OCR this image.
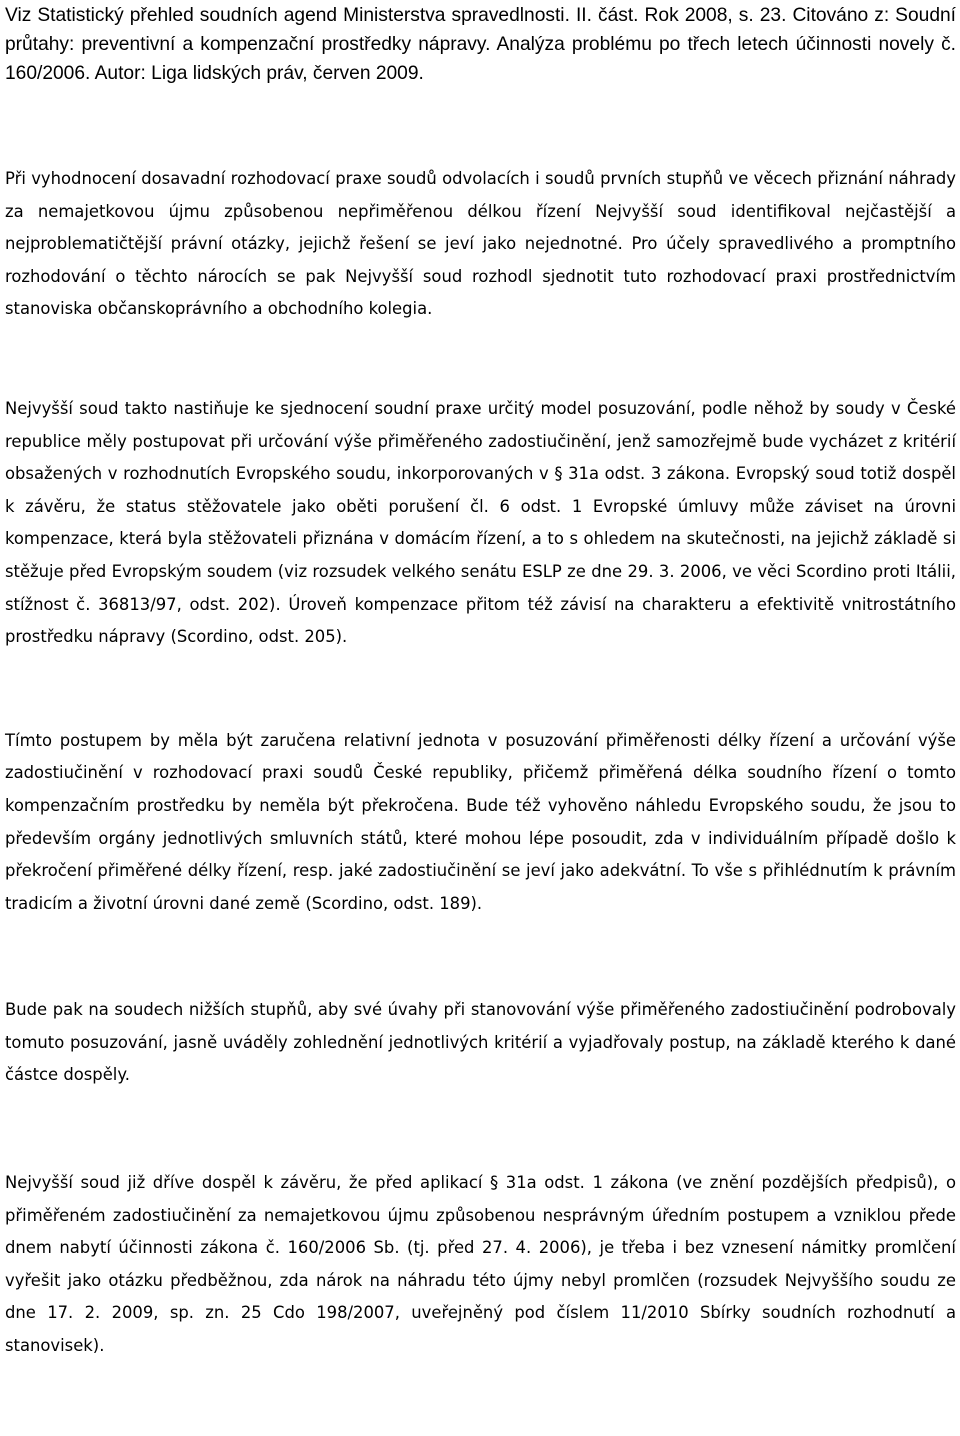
Viz Statistický přehled soudních agend Ministerstva spravedlnosti. II. část. Rok 2008, s. 23. Citováno z: Soudní průtahy: preventivní a kompenzační prostředky nápravy. Analýza problému po třech letech účinnosti novely č. 160/2006. Autor: Liga lidských práv, červen 2009.

Při vyhodnocení dosavadní rozhodovací praxe soudů odvolacích i soudů prvních stupňů ve věcech přiznání náhrady za nemajetkovou újmu způsobenou nepřiměřenou délkou řízení Nejvyšší soud identifikoval nejčastější a nejproblematičtější právní otázky, jejichž řešení se jeví jako nejednotné. Pro účely spravedlivého a promptního rozhodování o těchto nárocích se pak Nejvyšší soud rozhodl sjednotit tuto rozhodovací praxi prostřednictvím stanoviska občanskoprávního a obchodního kolegia.

Nejvyšší soud takto nastiňuje ke sjednocení soudní praxe určitý model posuzování, podle něhož by soudy v České republice měly postupovat při určování výše přiměřeného zadostiučinění, jenž samozřejmě bude vycházet z kritérií obsažených v rozhodnutích Evropského soudu, inkorporovaných v § 31a odst. 3 zákona. Evropský soud totiž dospěl k závěru, že status stěžovatele jako oběti porušení čl. 6 odst. 1 Evropské úmluvy může záviset na úrovni kompenzace, která byla stěžovateli přiznána v domácím řízení, a to s ohledem na skutečnosti, na jejichž základě si stěžuje před Evropským soudem (viz rozsudek velkého senátu ESLP ze dne 29. 3. 2006, ve věci Scordino proti Itálii, stížnost č. 36813/97, odst. 202). Úroveň kompenzace přitom též závisí na charakteru a efektivitě vnitrostátního prostředku nápravy (Scordino, odst. 205).

Tímto postupem by měla být zaručena relativní jednota v posuzování přiměřenosti délky řízení a určování výše zadostiučinění v rozhodovací praxi soudů České republiky, přičemž přiměřená délka soudního řízení o tomto kompenzačním prostředku by neměla být překročena. Bude též vyhověno náhledu Evropského soudu, že jsou to především orgány jednotlivých smluvních států, které mohou lépe posoudit, zda v individuálním případě došlo k překročení přiměřené délky řízení, resp. jaké zadostiučinění se jeví jako adekvátní. To vše s přihlédnutím k právním tradicím a životní úrovni dané země (Scordino, odst. 189).

Bude pak na soudech nižších stupňů, aby své úvahy při stanovování výše přiměřeného zadostiučinění podrobovaly tomuto posuzování, jasně uváděly zohlednění jednotlivých kritérií a vyjadřovaly postup, na základě kterého k dané částce dospěly.

Nejvyšší soud již dříve dospěl k závěru, že před aplikací § 31a odst. 1 zákona (ve znění pozdějších předpisů), o přiměřeném zadostiučinění za nemajetkovou újmu způsobenou nesprávným úředním postupem a vzniklou přede dnem nabytí účinnosti zákona č. 160/2006 Sb. (tj. před 27. 4. 2006), je třeba i bez vznesení námitky promlčení vyřešit jako otázku předběžnou, zda nárok na náhradu této újmy nebyl promlčen (rozsudek Nejvyššího soudu ze dne 17. 2. 2009, sp. zn. 25 Cdo 198/2007, uveřejněný pod číslem 11/2010 Sbírky soudních rozhodnutí a stanovisek).
